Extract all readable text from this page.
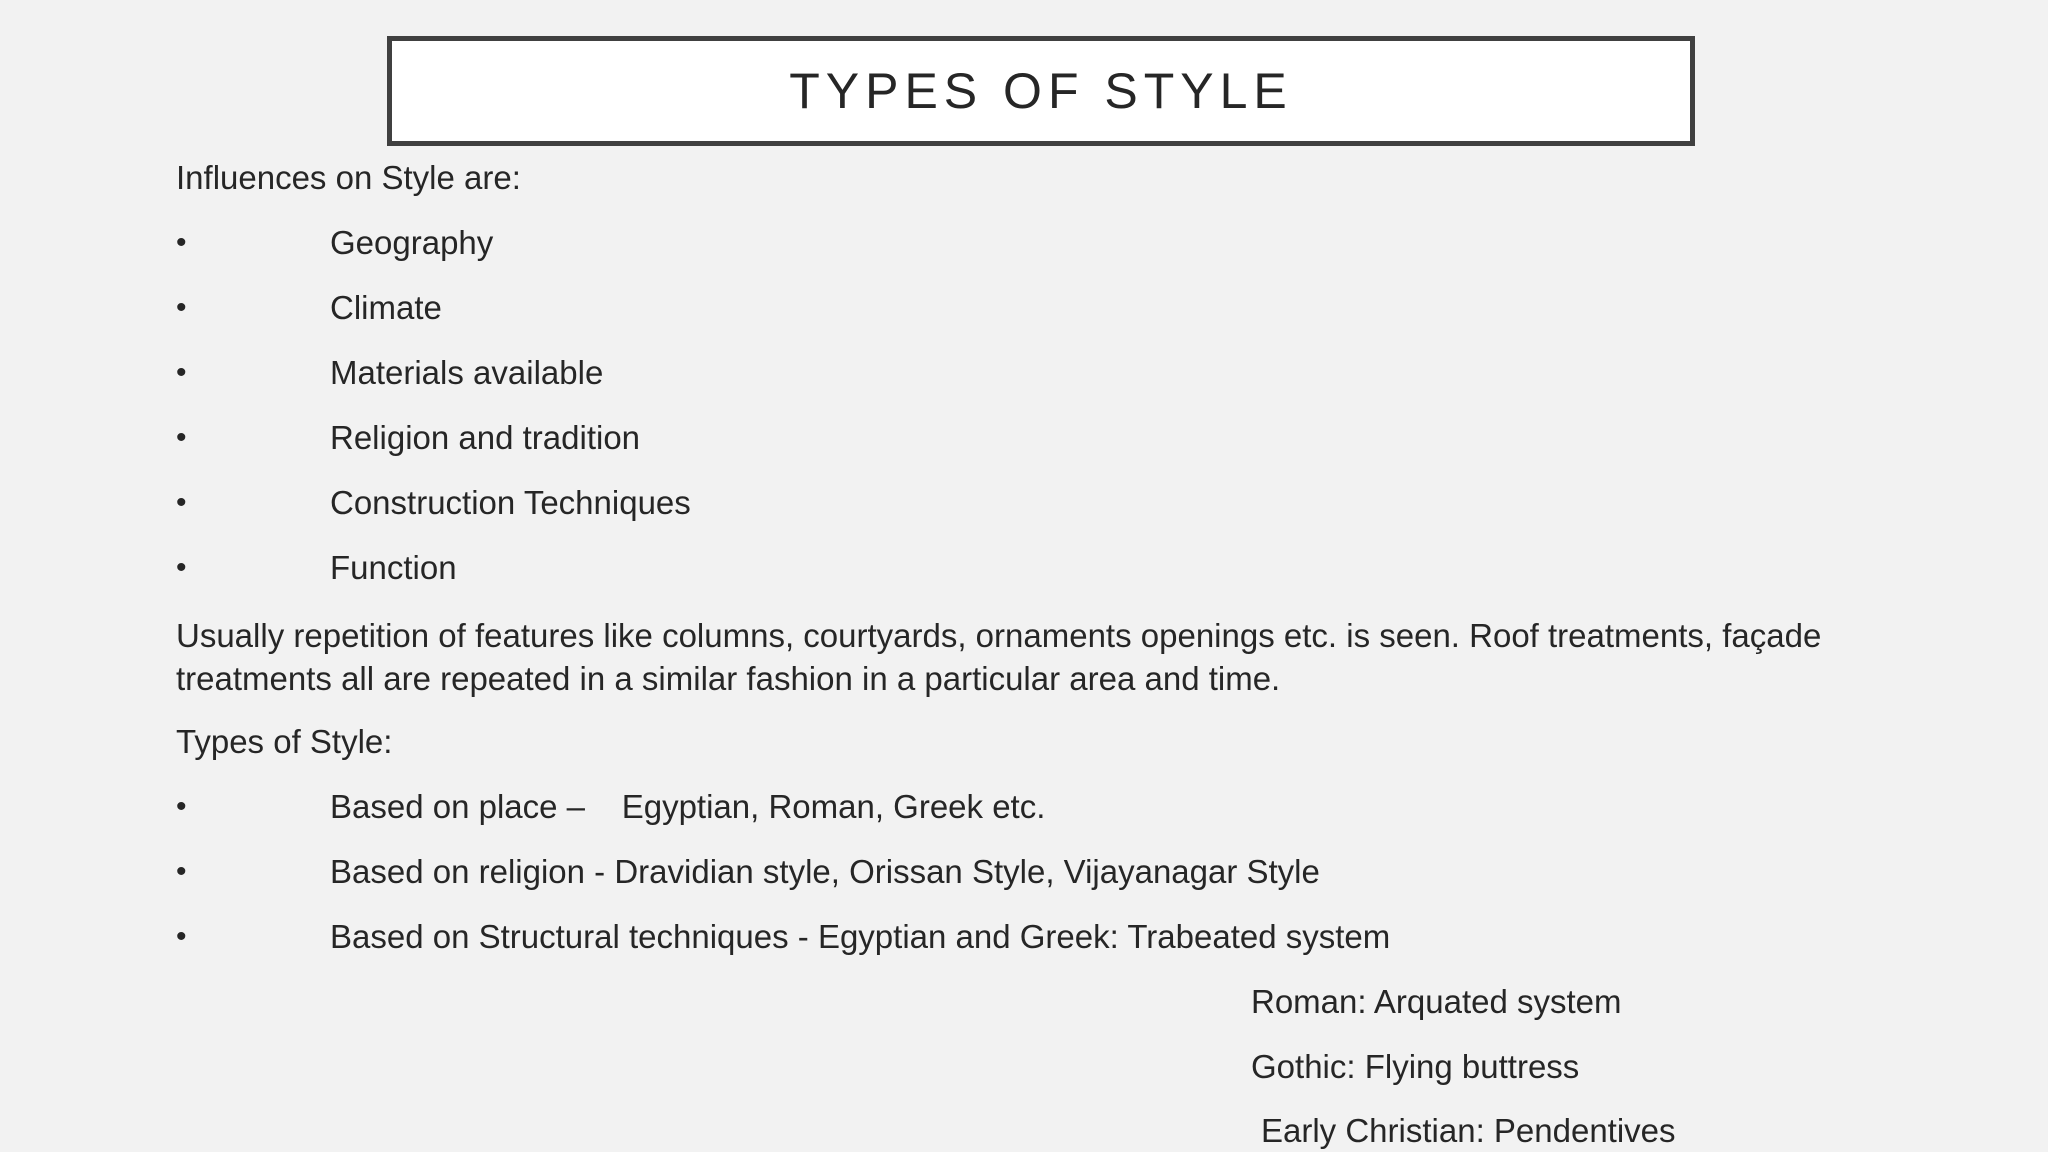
TYPES OF STYLE
Influences on Style are:
•	Geography
•	Climate
•	Materials available
•	Religion and tradition
•	Construction Techniques
•	Function
Usually repetition of features like columns, courtyards, ornaments openings etc. is seen. Roof treatments, façade treatments all are repeated in a similar fashion in a particular area and time.
Types of Style:
•	Based on place –    Egyptian, Roman, Greek etc.
•	Based on religion - Dravidian style, Orissan Style, Vijayanagar Style
•	Based on Structural techniques - Egyptian and Greek: Trabeated system
Roman: Arquated system
Gothic: Flying buttress
Early Christian: Pendentives
